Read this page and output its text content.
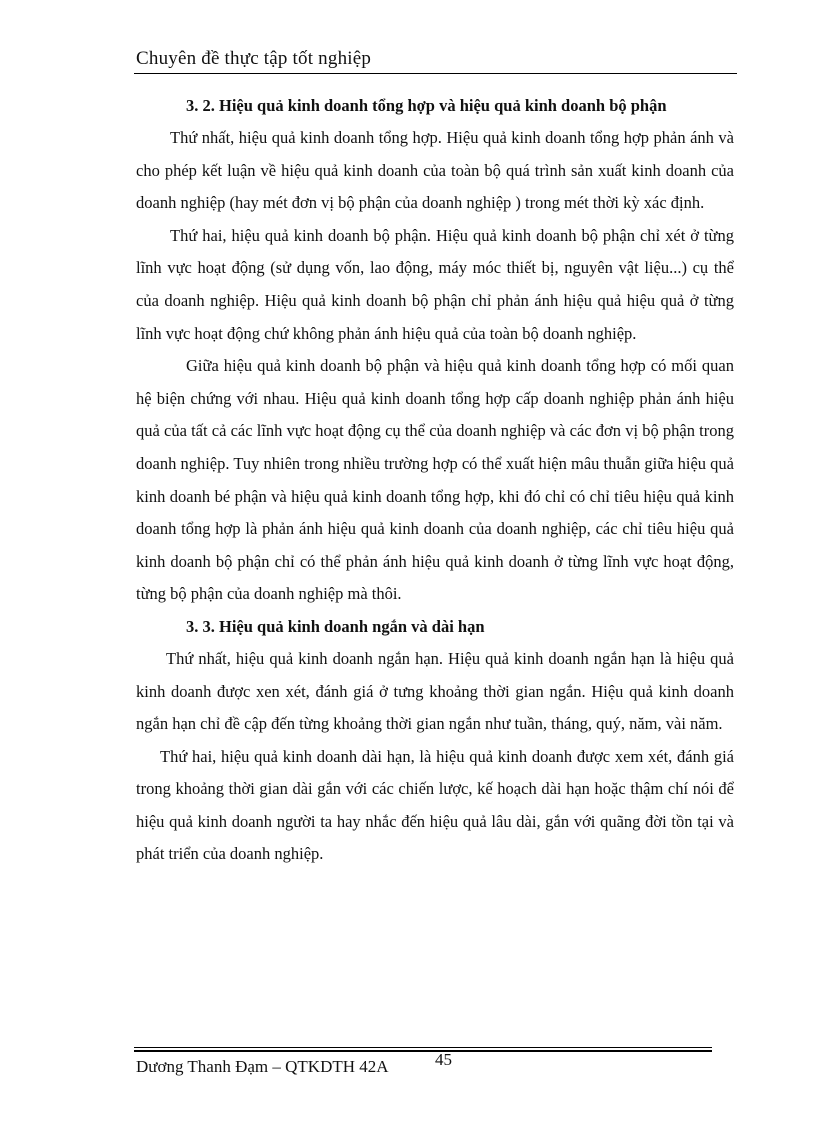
Chuyên đề thực tập tốt nghiệp

3. 2. Hiệu quả kinh doanh tổng hợp và hiệu quả kinh doanh bộ phận

Thứ nhất, hiệu quả kinh doanh tổng hợp. Hiệu quả kinh doanh tổng hợp phản ánh và cho phép kết luận về hiệu quả kinh doanh của toàn bộ quá trình sản xuất kinh doanh của doanh nghiệp (hay mét đơn vị bộ phận của doanh nghiệp ) trong mét thời kỳ xác định.

Thứ hai, hiệu quả kinh doanh bộ phận. Hiệu quả kinh doanh bộ phận chỉ xét ở từng lĩnh vực hoạt động (sử dụng vốn, lao động, máy móc thiết bị, nguyên vật liệu...) cụ thể của doanh nghiệp. Hiệu quả kinh doanh bộ phận chỉ phản ánh hiệu quả hiệu quả ở từng lĩnh vực hoạt động chứ không phản ánh hiệu quả của toàn bộ doanh nghiệp.

Giữa hiệu quả kinh doanh bộ phận và hiệu quả kinh doanh tổng hợp có mối quan hệ biện chứng với nhau. Hiệu quả kinh doanh tổng hợp cấp doanh nghiệp phản ánh hiệu quả của tất cả các lĩnh vực hoạt động cụ thể của doanh nghiệp và các đơn vị bộ phận trong doanh nghiệp. Tuy nhiên trong nhiều trường hợp có thể xuất hiện mâu thuẫn giữa hiệu quả kinh doanh bé phận và hiệu quả kinh doanh tổng hợp, khi đó chỉ có chỉ tiêu hiệu quả kinh doanh tổng hợp là phản ánh hiệu quả kinh doanh của doanh nghiệp, các chỉ tiêu hiệu quả kinh doanh bộ phận chỉ có thể phản ánh hiệu quả kinh doanh ở từng lĩnh vực hoạt động, từng bộ phận của doanh nghiệp mà thôi.

3. 3. Hiệu quả kinh doanh ngắn và dài hạn

Thứ nhất, hiệu quả kinh doanh ngắn hạn. Hiệu quả kinh doanh ngắn hạn là hiệu quả kinh doanh được xen xét, đánh giá ở tưng khoảng thời gian ngắn. Hiệu quả kinh doanh ngắn hạn chỉ đề cập đến từng khoảng thời gian ngắn như tuần, tháng, quý, năm, vài năm.

Thứ hai, hiệu quả kinh doanh dài hạn, là hiệu quả kinh doanh được xem xét, đánh giá trong khoảng thời gian dài gắn với các chiến lược, kế hoạch dài hạn hoặc thậm chí nói để hiệu quả kinh doanh người ta hay nhắc đến hiệu quả lâu dài, gắn với quãng đời tồn tại và phát triển của doanh nghiệp.

Dương Thanh Đạm – QTKDTH 42A	45
